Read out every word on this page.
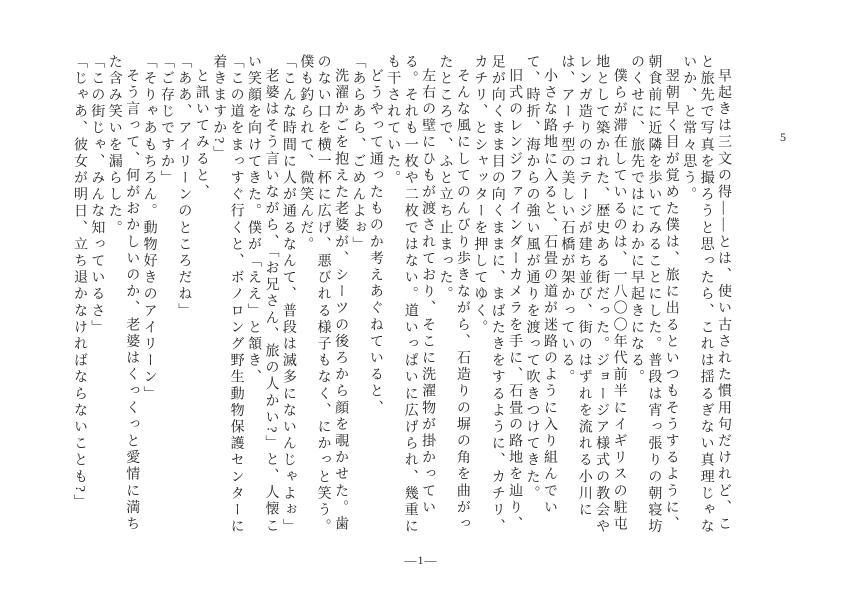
5

早起きは三文の得――とは、使い古された慣用句だけれど、こと旅先で写真を撮ろうと思ったら、これは揺るぎない真理じゃないか、と常々思う。

翌朝早く目が覚めた僕は、旅に出るといつもそうするように、朝食前に近隣を歩いてみることにした。普段は宵っ張りの朝寝坊のくせに、旅先ではにわかに早起きになる。

僕らが滞在しているのは、一八〇〇年代前半にイギリスの駐屯地として築かれた、歴史ある街だった。ジョージア様式の教会やレンガ造りのコテージが建ち並び、街のはずれを流れる小川には、アーチ型の美しい石橋が架かっている。

小さな路地に入ると、石畳の道が迷路のように入り組んでいて、時折、海からの強い風が通りを渡って吹きつけてきた。

旧式のレンジファインダーカメラを手に、石畳の路地を辿り、足が向くまま目の向くままに、まばたきをするように、カチリ、カチリ、とシャッターを押してゆく。

そんな風にしてのんびり歩きながら、石造りの塀の角を曲がったところで、ふと立ち止まった。

左右の壁にひもが渡されており、そこに洗濯物が掛かっている。それも一枚や二枚ではない。道いっぱいに広げられ、幾重にも干されていた。

どうやって通ったものか考えあぐねていると、

「あらあら、ごめんよぉ」

洗濯かごを抱えた老婆が、シーツの後ろから顔を覗かせた。歯のない口を横一杯に広げ、悪びれる様子もなく、にかっと笑う。僕も釣られて、微笑んだ。

「こんな時間に人が通るなんて、普段は滅多にないんじゃよぉ」

老婆はそう言いながら、「お兄さん、旅の人かい?」と、人懐こい笑顔を向けてきた。僕が「ええ」と頷き、

「この道をまっすぐ行くと、ボノロング野生動物保護センターに着きますか?」

と訊いてみると、

「ああ、アイリーンのところだね」

「ご存じですか」

「そりゃあもちろん。動物好きのアイリーン」

そう言って、何がおかしいのか、老婆はくっくっと愛情に満ちた含み笑いを漏らした。

「この街じゃ、みんな知っているさ」

「じゃあ、彼女が明日、立ち退かなければならないことも?」

―1―
